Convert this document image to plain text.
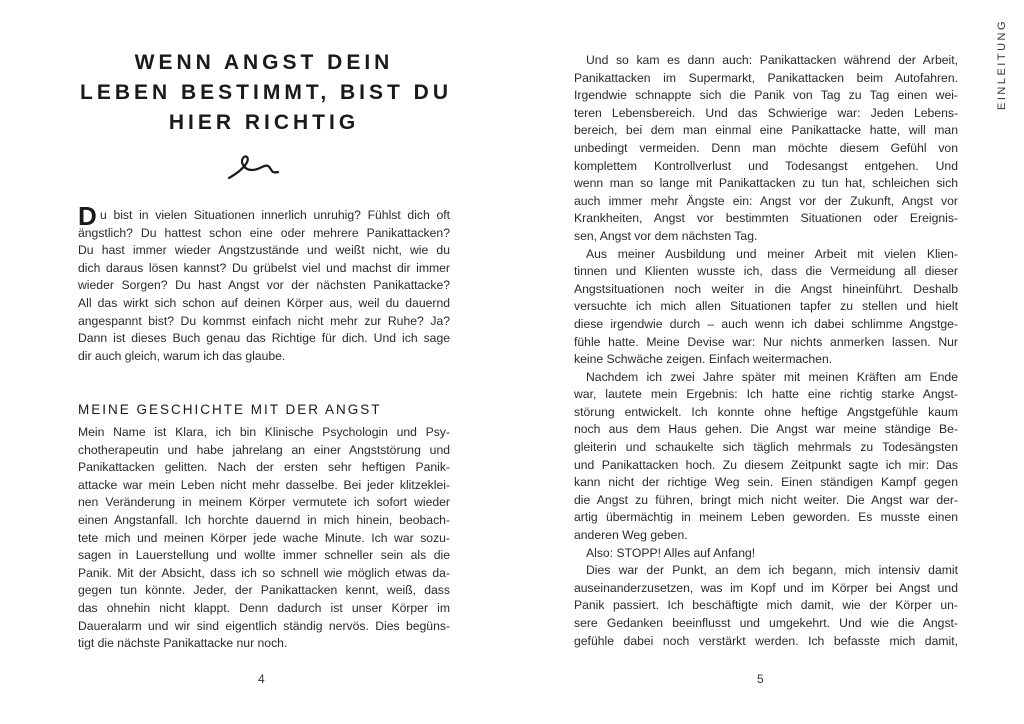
WENN ANGST DEIN
LEBEN BESTIMMT, BIST DU
HIER RICHTIG
D u bist in vielen Situationen innerlich unruhig? Fühlst dich oft
ängstlich? Du hattest schon eine oder mehrere Panikattacken?
Du hast immer wieder Angstzustände und weißt nicht, wie du
dich daraus lösen kannst? Du grübelst viel und machst dir immer
wieder Sorgen? Du hast Angst vor der nächsten Panikattacke?
All das wirkt sich schon auf deinen Körper aus, weil du dauernd
angespannt bist? Du kommst einfach nicht mehr zur Ruhe? Ja?
Dann ist dieses Buch genau das Richtige für dich. Und ich sage
dir auch gleich, warum ich das glaube.
MEINE GESCHICHTE MIT DER ANGST
Mein Name ist Klara, ich bin Klinische Psychologin und Psy-
chotherapeutin und habe jahrelang an einer Angststörung und
Panikattacken gelitten. Nach der ersten sehr heftigen Panik-
attacke war mein Leben nicht mehr dasselbe. Bei jeder klitzeklei-
nen Veränderung in meinem Körper vermutete ich sofort wieder
einen Angstanfall. Ich horchte dauernd in mich hinein, beobach-
tete mich und meinen Körper jede wache Minute. Ich war sozu-
sagen in Lauerstellung und wollte immer schneller sein als die
Panik. Mit der Absicht, dass ich so schnell wie möglich etwas da-
gegen tun könnte. Jeder, der Panikattacken kennt, weiß, dass
das ohnehin nicht klappt. Denn dadurch ist unser Körper im
Daueralarm und wir sind eigentlich ständig nervös. Dies begüns-
tigt die nächste Panikattacke nur noch.
4
Und so kam es dann auch: Panikattacken während der Arbeit,
Panikattacken im Supermarkt, Panikattacken beim Autofahren.
Irgendwie schnappte sich die Panik von Tag zu Tag einen wei-
teren Lebensbereich. Und das Schwierige war: Jeden Lebens-
bereich, bei dem man einmal eine Panikattacke hatte, will man
unbedingt vermeiden. Denn man möchte diesem Gefühl von
komplettem Kontrollverlust und Todesangst entgehen. Und
wenn man so lange mit Panikattacken zu tun hat, schleichen sich
auch immer mehr Ängste ein: Angst vor der Zukunft, Angst vor
Krankheiten, Angst vor bestimmten Situationen oder Ereignis-
sen, Angst vor dem nächsten Tag.
Aus meiner Ausbildung und meiner Arbeit mit vielen Klien-
tinnen und Klienten wusste ich, dass die Vermeidung all dieser
Angstsituationen noch weiter in die Angst hineinführt. Deshalb
versuchte ich mich allen Situationen tapfer zu stellen und hielt
diese irgendwie durch – auch wenn ich dabei schlimme Angstge-
fühle hatte. Meine Devise war: Nur nichts anmerken lassen. Nur
keine Schwäche zeigen. Einfach weitermachen.
Nachdem ich zwei Jahre später mit meinen Kräften am Ende
war, lautete mein Ergebnis: Ich hatte eine richtig starke Angst-
störung entwickelt. Ich konnte ohne heftige Angstgefühle kaum
noch aus dem Haus gehen. Die Angst war meine ständige Be-
gleiterin und schaukelte sich täglich mehrmals zu Todesängsten
und Panikattacken hoch. Zu diesem Zeitpunkt sagte ich mir: Das
kann nicht der richtige Weg sein. Einen ständigen Kampf gegen
die Angst zu führen, bringt mich nicht weiter. Die Angst war der-
artig übermächtig in meinem Leben geworden. Es musste einen
anderen Weg geben.
Also: STOPP! Alles auf Anfang!
Dies war der Punkt, an dem ich begann, mich intensiv damit
auseinanderzusetzen, was im Kopf und im Körper bei Angst und
Panik passiert. Ich beschäftigte mich damit, wie der Körper un-
sere Gedanken beeinflusst und umgekehrt. Und wie die Angst-
gefühle dabei noch verstärkt werden. Ich befasste mich damit,
5
EINLEITUNG
